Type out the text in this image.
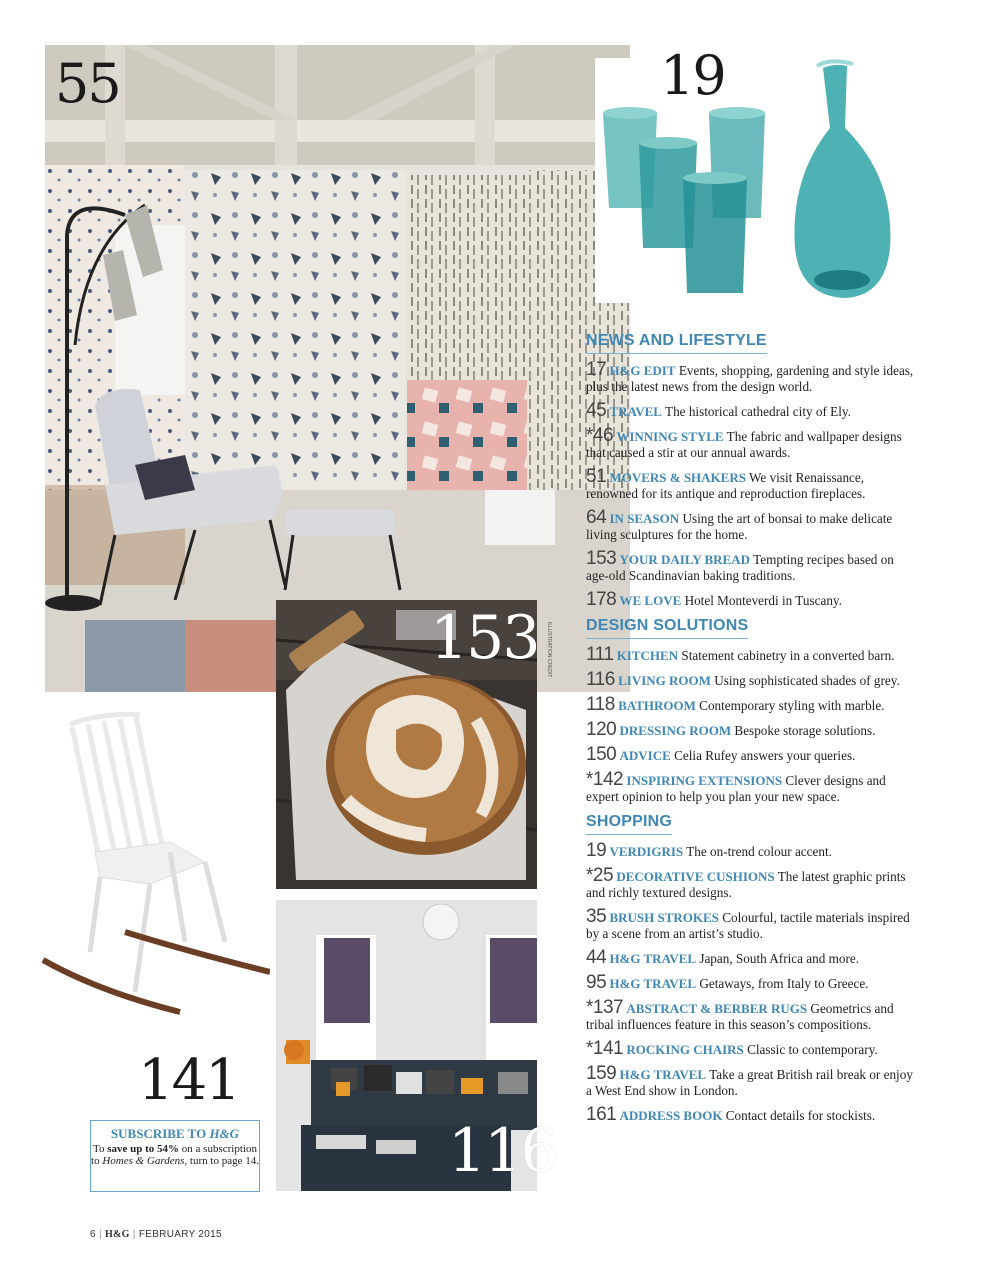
55	19
153 ILLUSTRATION CREDIT
116
141
SUBSCRIBE TO H&G
To save up to 54% on a subscription to Homes & Gardens, turn to page 14.
NEWS AND LIFESTYLE
17 H&G EDIT Events, shopping, gardening and style ideas, plus the latest news from the design world.
45 TRAVEL The historical cathedral city of Ely.
*46 WINNING STYLE The fabric and wallpaper designs that caused a stir at our annual awards.
51 MOVERS & SHAKERS We visit Renaissance, renowned for its antique and reproduction fireplaces.
64 IN SEASON Using the art of bonsai to make delicate living sculptures for the home.
153 YOUR DAILY BREAD Tempting recipes based on age-old Scandinavian baking traditions.
178 WE LOVE Hotel Monteverdi in Tuscany.
DESIGN SOLUTIONS
111 KITCHEN Statement cabinetry in a converted barn.
116 LIVING ROOM Using sophisticated shades of grey.
118 BATHROOM Contemporary styling with marble.
120 DRESSING ROOM Bespoke storage solutions.
150 ADVICE Celia Rufey answers your queries.
*142 INSPIRING EXTENSIONS Clever designs and expert opinion to help you plan your new space.
SHOPPING
19 VERDIGRIS The on-trend colour accent.
*25 DECORATIVE CUSHIONS The latest graphic prints and richly textured designs.
35 BRUSH STROKES Colourful, tactile materials inspired by a scene from an artist’s studio.
44 H&G TRAVEL Japan, South Africa and more.
95 H&G TRAVEL Getaways, from Italy to Greece.
*137 ABSTRACT & BERBER RUGS Geometrics and tribal influences feature in this season’s compositions.
*141 ROCKING CHAIRS Classic to contemporary.
159 H&G TRAVEL Take a great British rail break or enjoy a West End show in London.
161 ADDRESS BOOK Contact details for stockists.
6 | H&G | FEBRUARY 2015
